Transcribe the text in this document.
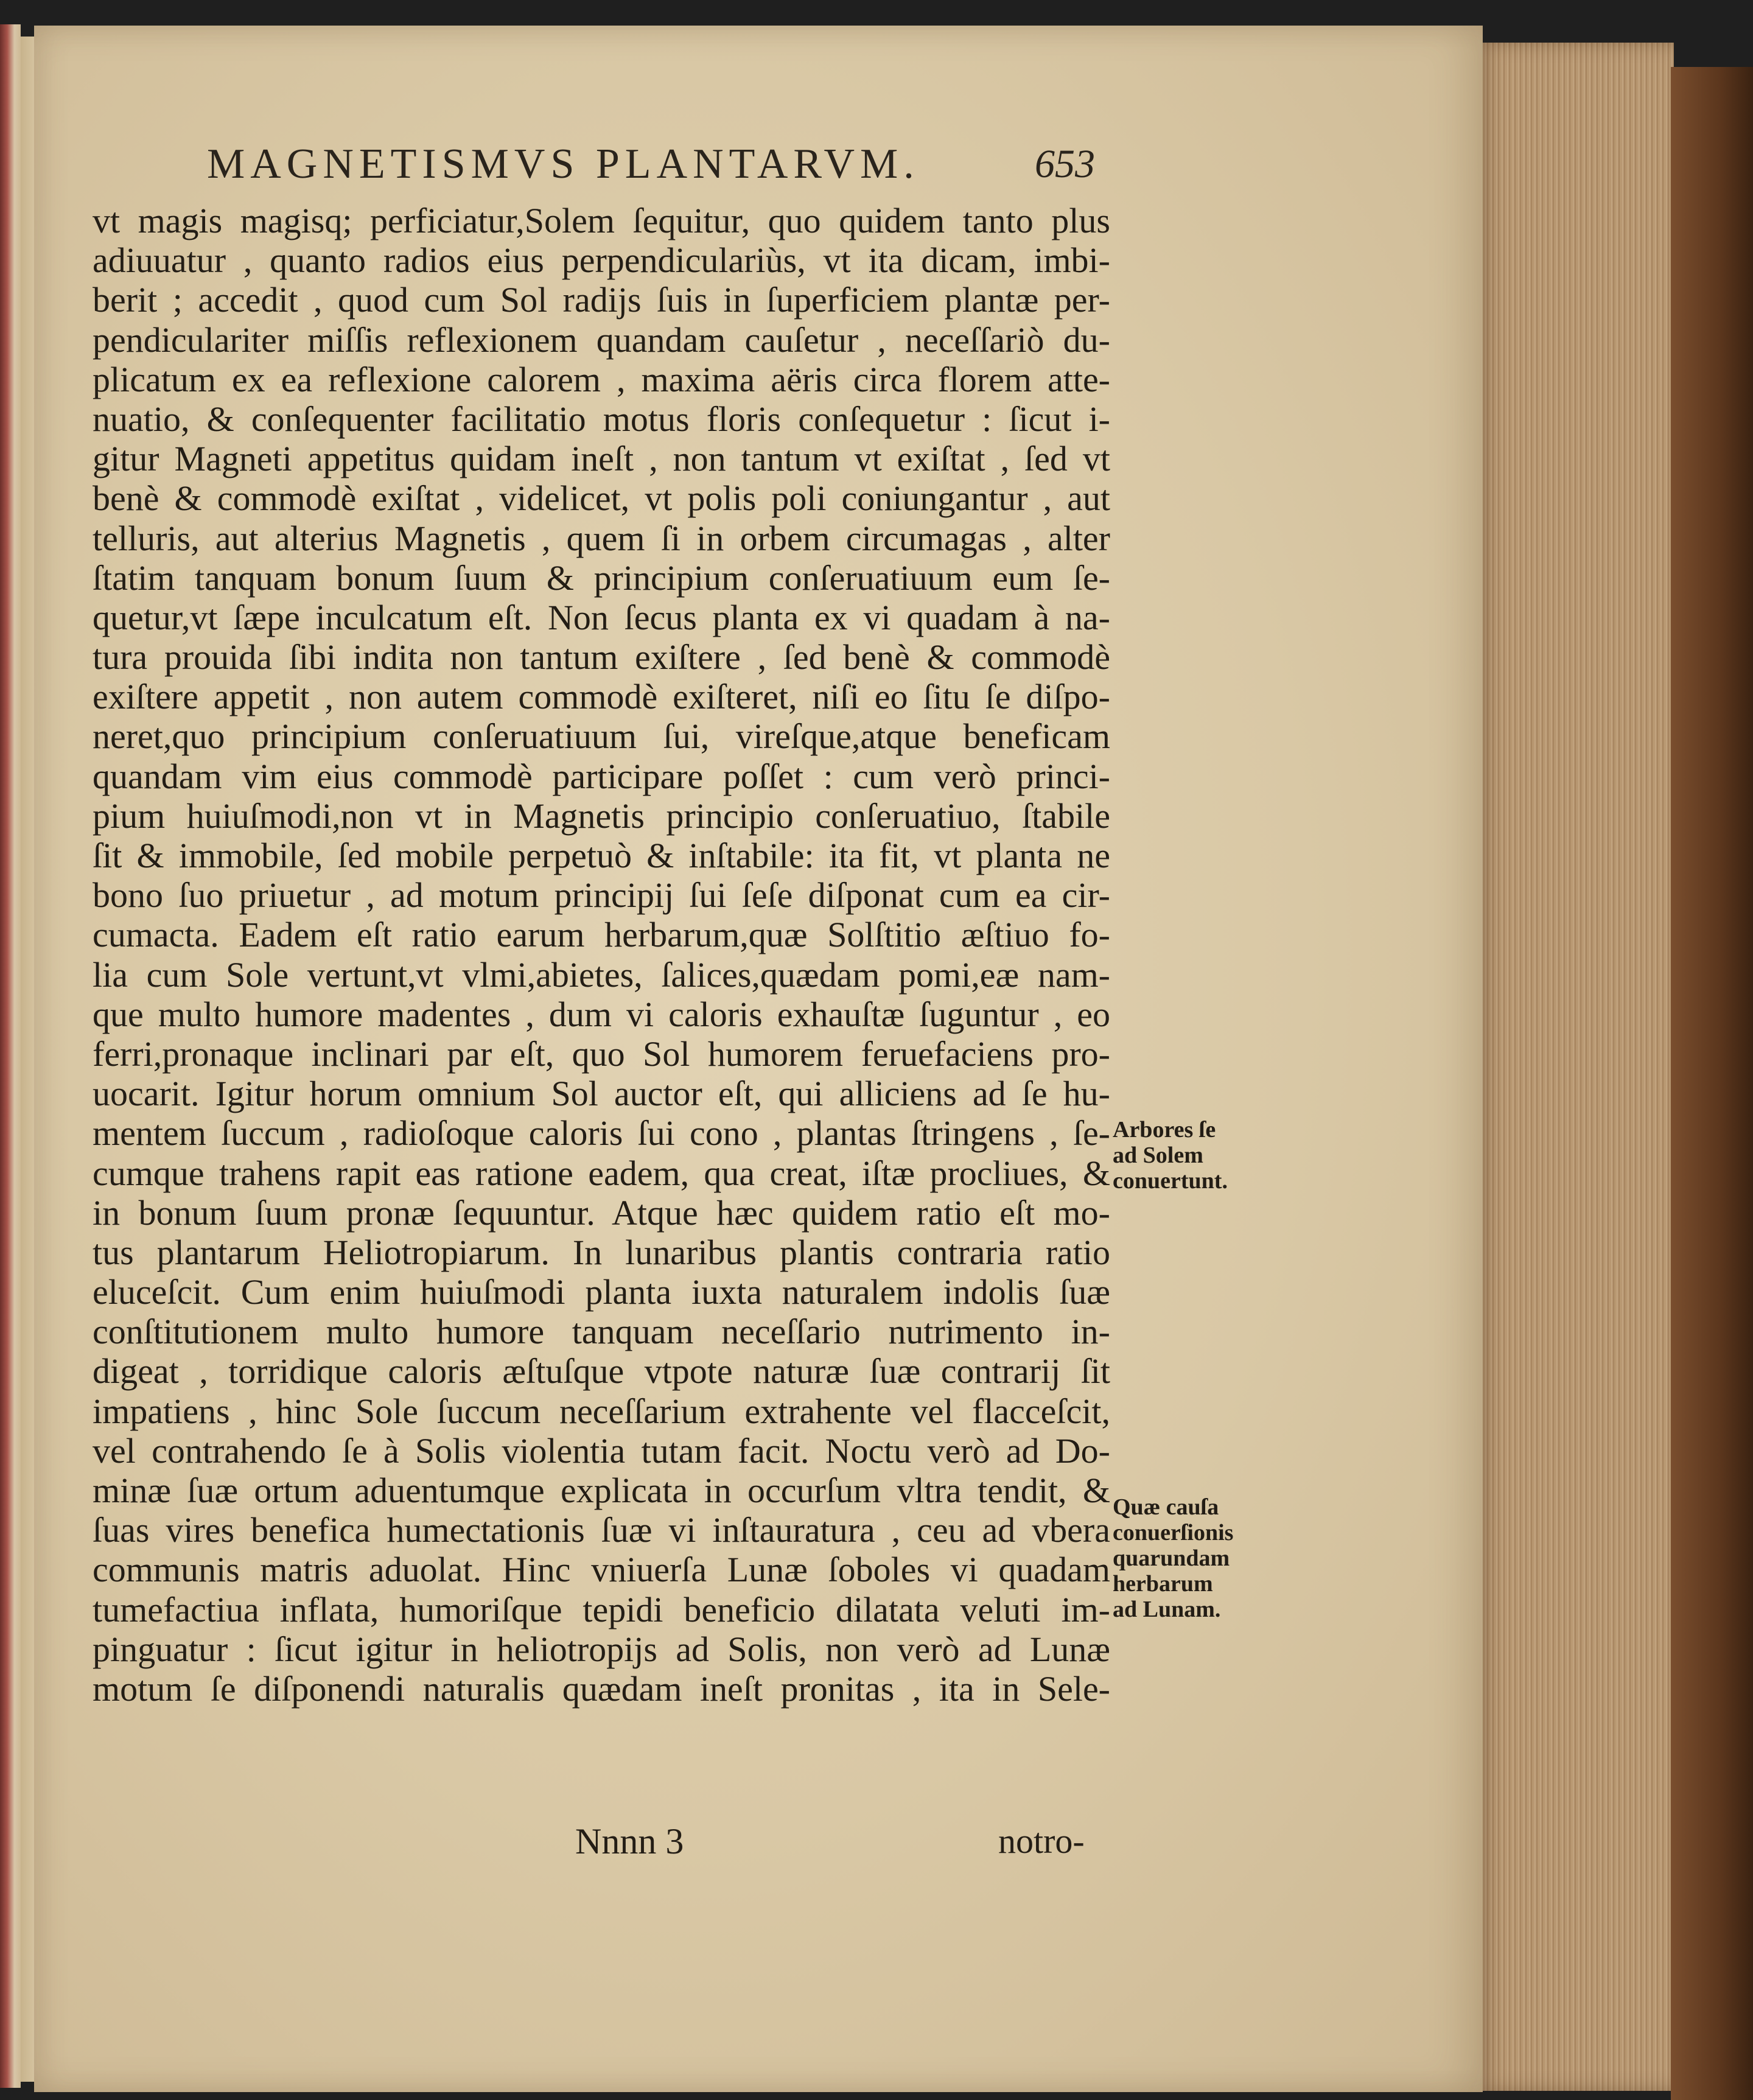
MAGNETISMVS PLANTARVM.	653
vt magis magisq; perficiatur,Solem ſequitur, quo quidem tanto plus
adiuuatur , quanto radios eius perpendiculariùs, vt ita dicam, imbi-
berit ; accedit , quod cum Sol radijs ſuis in ſuperficiem plantæ per-
pendiculariter miſſis reflexionem quandam cauſetur , neceſſariò du-
plicatum ex ea reflexione calorem , maxima aëris circa florem atte-
nuatio, & conſequenter facilitatio motus floris conſequetur : ſicut i-
gitur Magneti appetitus quidam ineſt , non tantum vt exiſtat , ſed vt
benè & commodè exiſtat , videlicet, vt polis poli coniungantur , aut
telluris, aut alterius Magnetis , quem ſi in orbem circumagas , alter
ſtatim tanquam bonum ſuum & principium conſeruatiuum eum ſe-
quetur,vt ſæpe inculcatum eſt. Non ſecus planta ex vi quadam à na-
tura prouida ſibi indita non tantum exiſtere , ſed benè & commodè
exiſtere appetit , non autem commodè exiſteret, niſi eo ſitu ſe diſpo-
neret,quo principium conſeruatiuum ſui, vireſque,atque beneficam
quandam vim eius commodè participare poſſet : cum verò princi-
pium huiuſmodi,non vt in Magnetis principio conſeruatiuo, ſtabile
ſit & immobile, ſed mobile perpetuò & inſtabile: ita fit, vt planta ne
bono ſuo priuetur , ad motum principij ſui ſeſe diſponat cum ea cir-
cumacta. Eadem eſt ratio earum herbarum,quæ Solſtitio æſtiuo fo-
lia cum Sole vertunt,vt vlmi,abietes, ſalices,quædam pomi,eæ nam-
que multo humore madentes , dum vi caloris exhauſtæ ſuguntur , eo
ferri,pronaque inclinari par eſt, quo Sol humorem feruefaciens pro-
uocarit. Igitur horum omnium Sol auctor eſt, qui alliciens ad ſe hu-
mentem ſuccum , radioſoque caloris ſui cono , plantas ſtringens , ſe-
cumque trahens rapit eas ratione eadem, qua creat, iſtæ procliues, &
in bonum ſuum pronæ ſequuntur. Atque hæc quidem ratio eſt mo-
tus plantarum Heliotropiarum. In lunaribus plantis contraria ratio
eluceſcit. Cum enim huiuſmodi planta iuxta naturalem indolis ſuæ
conſtitutionem multo humore tanquam neceſſario nutrimento in-
digeat , torridique caloris æſtuſque vtpote naturæ ſuæ contrarij ſit
impatiens , hinc Sole ſuccum neceſſarium extrahente vel flacceſcit,
vel contrahendo ſe à Solis violentia tutam facit. Noctu verò ad Do-
minæ ſuæ ortum aduentumque explicata in occurſum vltra tendit, &
ſuas vires benefica humectationis ſuæ vi inſtauratura , ceu ad vbera
communis matris aduolat. Hinc vniuerſa Lunæ ſoboles vi quadam
tumefactiua inflata, humoriſque tepidi beneficio dilatata veluti im-
pinguatur : ſicut igitur in heliotropijs ad Solis, non verò ad Lunæ
motum ſe diſponendi naturalis quædam ineſt pronitas , ita in Sele-
Arbores ſe
ad Solem
conuertunt.
Quæ cauſa
conuerſionis
quarundam
herbarum
ad Lunam.
Nnnn 3	notro-
